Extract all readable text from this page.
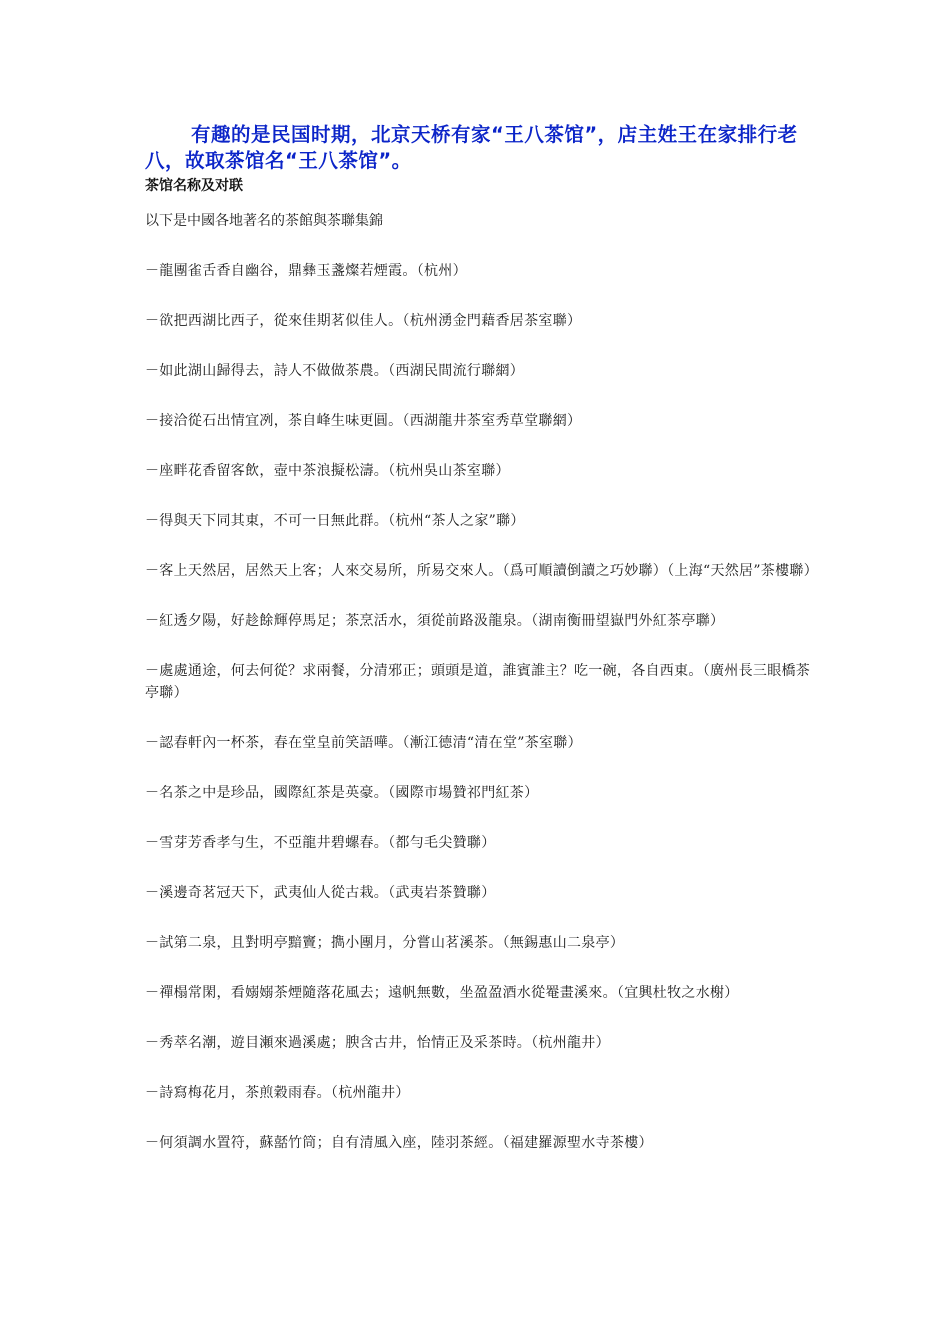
有趣的是民国时期，北京天桥有家“王八茶馆”，店主姓王在家排行老八，故取茶馆名“王八茶馆”。

茶馆名称及对联

以下是中國各地著名的茶館與茶聯集錦

－龍團雀舌香自幽谷，鼎彝玉盞燦若煙霞。（杭州）
－欲把西湖比西子，從來佳期茗似佳人。（杭州湧金門藉香居茶室聯）
－如此湖山歸得去，詩人不做做茶農。（西湖民間流行聯網）
－接洽從石出情宜冽，茶自峰生味更圓。（西湖龍井茶室秀草堂聯網）
－座畔花香留客飲，壺中茶浪擬松濤。（杭州吳山茶室聯）
－得與天下同其東，不可一日無此群。（杭州“茶人之家”聯）
－客上天然居，居然天上客；人來交易所，所易交來人。（爲可順讀倒讀之巧妙聯）（上海“天然居”茶樓聯）
－紅透夕陽，好趁餘輝停馬足；茶烹活水，須從前路汲龍泉。（湖南衡冊望嶽門外紅茶亭聯）
－處處通途，何去何從？求兩餐，分清邪正；頭頭是道，誰賓誰主？吃一碗，各自西東。（廣州長三眼橋茶亭聯）
－認春軒內一杯茶，春在堂皇前笑語嘩。（漸江德清“清在堂”茶室聯）
－名茶之中是珍品，國際紅茶是英豪。（國際市場贊祁門紅茶）
－雪芽芳香孝勻生，不亞龍井碧螺春。（都勻毛尖贊聯）
－溪邊奇茗冠天下，武夷仙人從古栽。（武夷岩茶贊聯）
－試第二泉，且對明亭黯竇；擕小團月，分嘗山茗溪茶。（無錫惠山二泉亭）
－禪榻常閑，看嫋嫋茶煙隨落花風去；遠帆無數，坐盈盈酒水從罨畫溪來。（宜興杜牧之水榭）
－秀萃名潮，遊目瀬來過溪處；腴含古井，怡情正及采茶時。（杭州龍井）
－詩寫梅花月，茶煎穀雨春。（杭州龍井）
－何須調水置符，蘇嚭竹筒；自有清風入座，陸羽茶經。（福建羅源聖水寺茶樓）
